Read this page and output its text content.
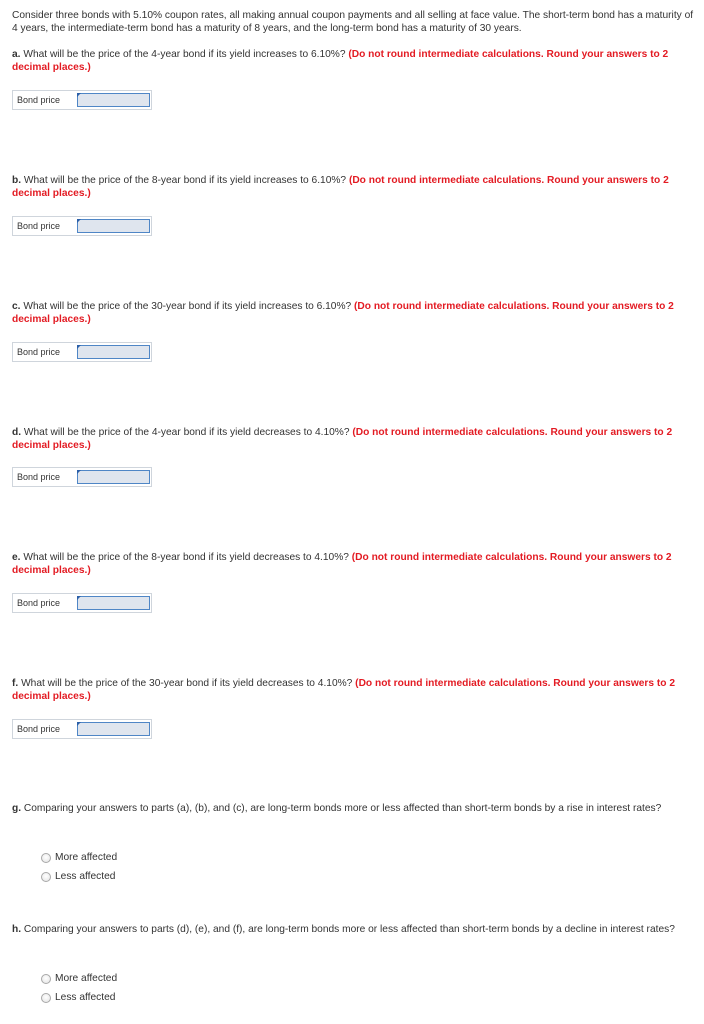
Consider three bonds with 5.10% coupon rates, all making annual coupon payments and all selling at face value. The short-term bond has a maturity of 4 years, the intermediate-term bond has a maturity of 8 years, and the long-term bond has a maturity of 30 years.

a. What will be the price of the 4-year bond if its yield increases to 6.10%? (Do not round intermediate calculations. Round your answers to 2 decimal places.)

Bond price

b. What will be the price of the 8-year bond if its yield increases to 6.10%? (Do not round intermediate calculations. Round your answers to 2 decimal places.)

Bond price

c. What will be the price of the 30-year bond if its yield increases to 6.10%? (Do not round intermediate calculations. Round your answers to 2 decimal places.)

Bond price

d. What will be the price of the 4-year bond if its yield decreases to 4.10%? (Do not round intermediate calculations. Round your answers to 2 decimal places.)

Bond price

e. What will be the price of the 8-year bond if its yield decreases to 4.10%? (Do not round intermediate calculations. Round your answers to 2 decimal places.)

Bond price

f. What will be the price of the 30-year bond if its yield decreases to 4.10%? (Do not round intermediate calculations. Round your answers to 2 decimal places.)

Bond price

g. Comparing your answers to parts (a), (b), and (c), are long-term bonds more or less affected than short-term bonds by a rise in interest rates?

More affected
Less affected

h. Comparing your answers to parts (d), (e), and (f), are long-term bonds more or less affected than short-term bonds by a decline in interest rates?

More affected
Less affected
